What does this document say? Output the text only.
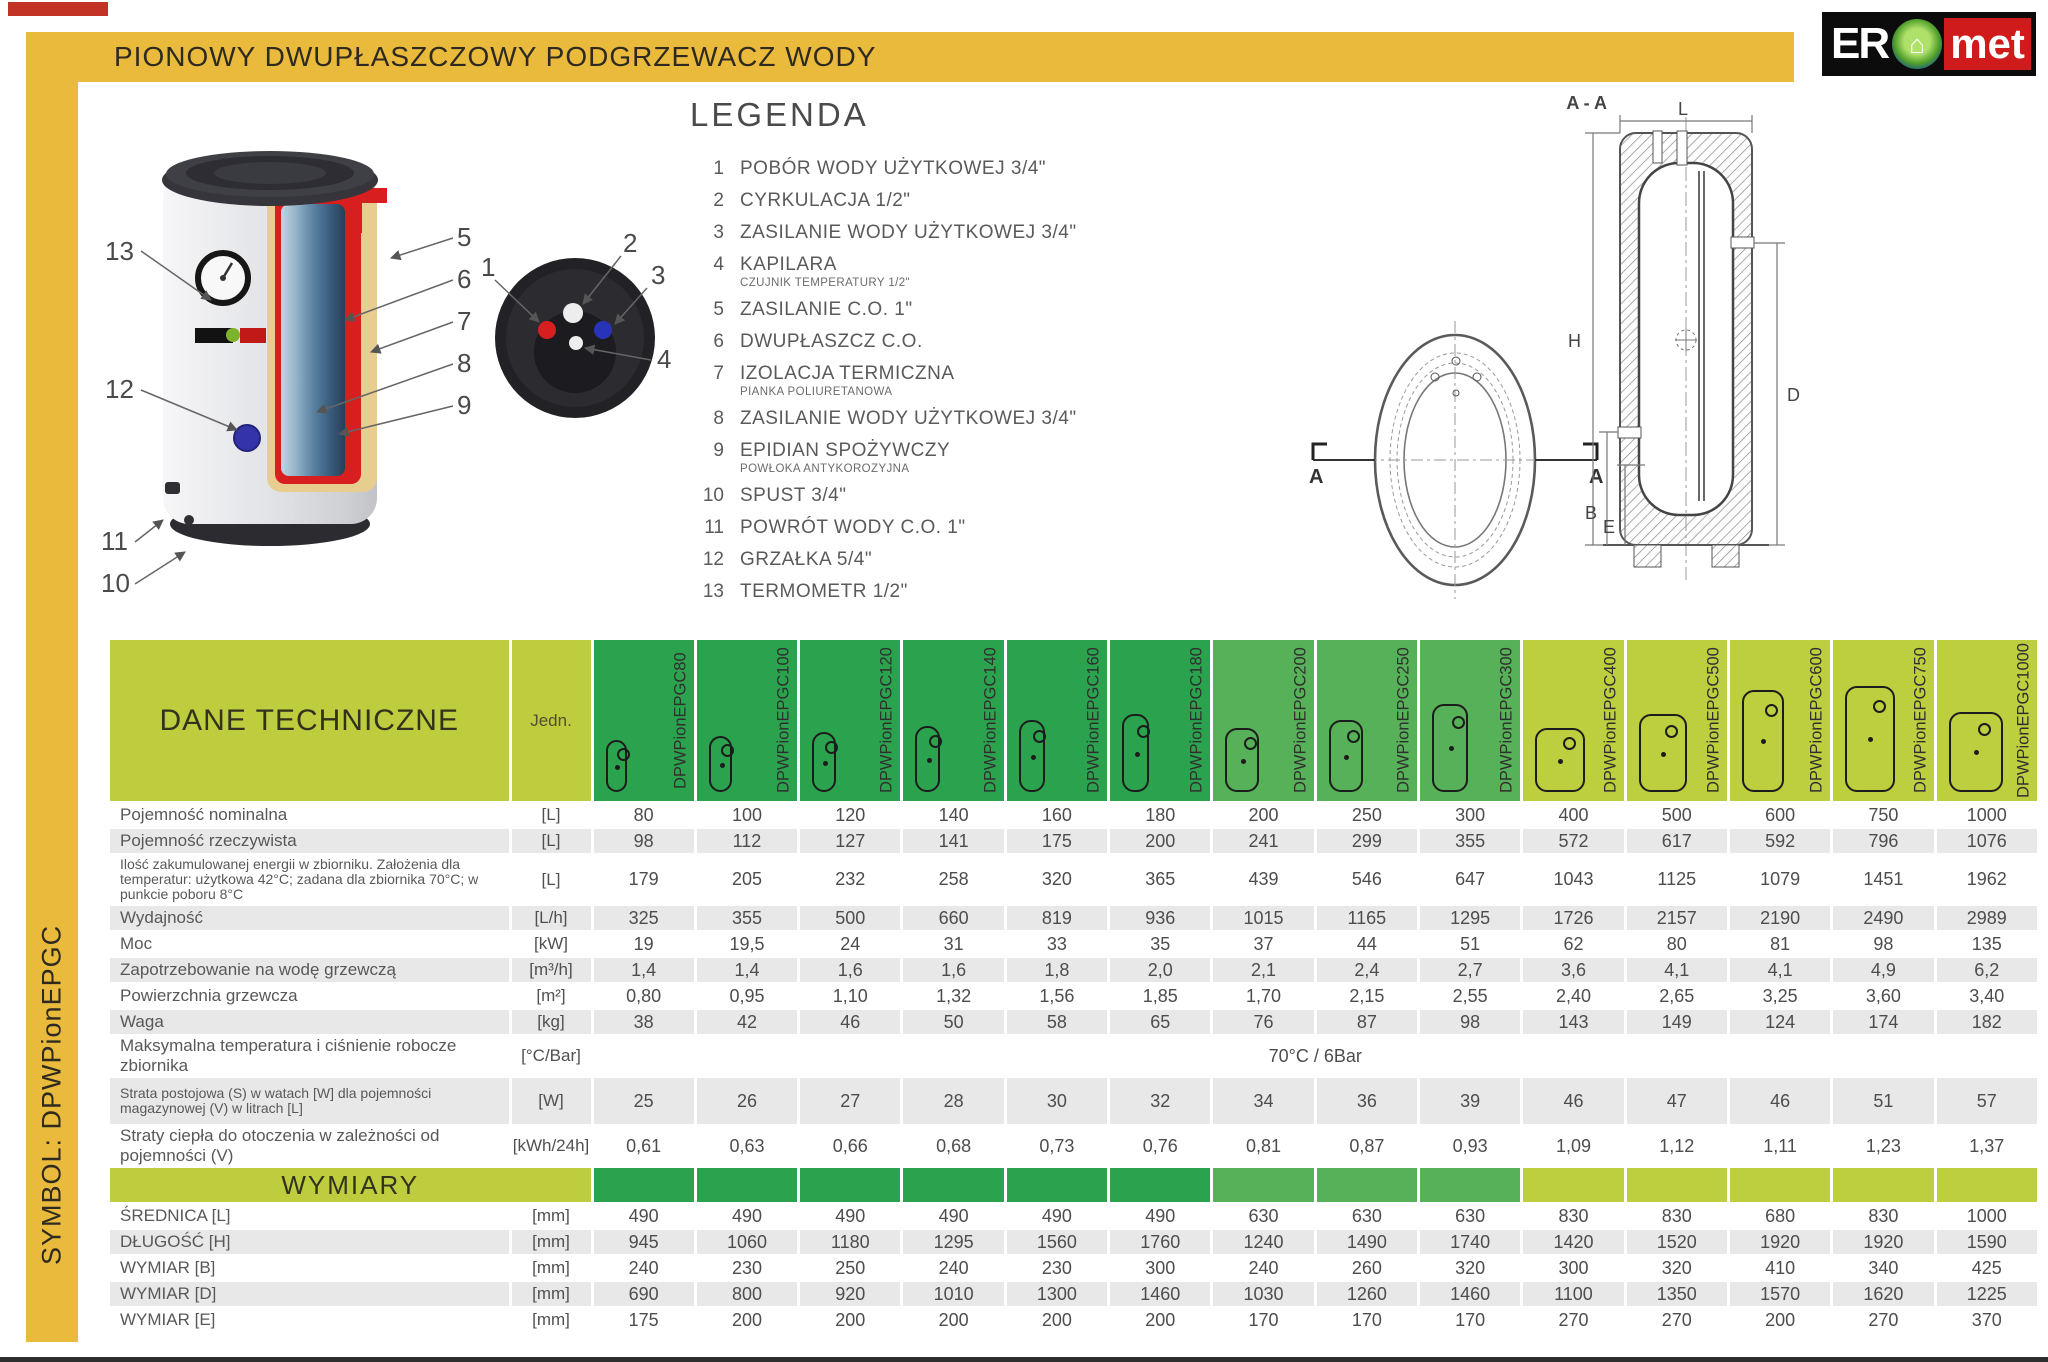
PIONOWY DWUPŁASZCZOWY PODGRZEWACZ WODY
SYMBOL: DPWPionEPGC
ER ⌂ met
13
12
11
10
5
6
7
8
9
1
2
3
4
LEGENDA
1 POBÓR WODY UŻYTKOWEJ 3/4"
2 CYRKULACJA 1/2"
3 ZASILANIE WODY UŻYTKOWEJ 3/4"
4 KAPILARA
CZUJNIK TEMPERATURY 1/2"
5 ZASILANIE C.O. 1"
6 DWUPŁASZCZ C.O.
7 IZOLACJA TERMICZNA
PIANKA POLIURETANOWA
8 ZASILANIE WODY UŻYTKOWEJ 3/4"
9 EPIDIAN SPOŻYWCZY
POWŁOKA ANTYKOROZYJNA
10 SPUST 3/4"
11 POWRÓT WODY C.O. 1"
12 GRZAŁKA 5/4"
13 TERMOMETR 1/2"
A	A
A - A	L
H
D
B
E
DANE TECHNICZNE	Jedn.	DPWPionEPGC80	DPWPionEPGC100	DPWPionEPGC120	DPWPionEPGC140	DPWPionEPGC160	DPWPionEPGC180	DPWPionEPGC200	DPWPionEPGC250	DPWPionEPGC300	DPWPionEPGC400	DPWPionEPGC500	DPWPionEPGC600	DPWPionEPGC750	DPWPionEPGC1000

Pojemność nominalna	[L]	80	100	120	140	160	180	200	250	300	400	500	600	750	1000
Pojemność rzeczywista	[L]	98	112	127	141	175	200	241	299	355	572	617	592	796	1076
Ilość zakumulowanej energii w zbiorniku. Założenia dla temperatur: użytkowa 42°C; zadana dla zbiornika 70°C; w punkcie poboru 8°C	[L]	179	205	232	258	320	365	439	546	647	1043	1125	1079	1451	1962
Wydajność	[L/h]	325	355	500	660	819	936	1015	1165	1295	1726	2157	2190	2490	2989
Moc	[kW]	19	19,5	24	31	33	35	37	44	51	62	80	81	98	135
Zapotrzebowanie na wodę grzewczą	[m³/h]	1,4	1,4	1,6	1,6	1,8	2,0	2,1	2,4	2,7	3,6	4,1	4,1	4,9	6,2
Powierzchnia grzewcza	[m²]	0,80	0,95	1,10	1,32	1,56	1,85	1,70	2,15	2,55	2,40	2,65	3,25	3,60	3,40
Waga	[kg]	38	42	46	50	58	65	76	87	98	143	149	124	174	182
Maksymalna temperatura i ciśnienie robocze zbiornika	[°C/Bar]	70°C / 6Bar													
Strata postojowa (S) w watach [W] dla pojemności magazynowej (V) w litrach [L]	[W]	25	26	27	28	30	32	34	36	39	46	47	46	51	57
Straty ciepła do otoczenia w zależności od pojemności (V)	[kWh/24h]	0,61	0,63	0,66	0,68	0,73	0,76	0,81	0,87	0,93	1,09	1,12	1,11	1,23	1,37
WYMIARY															
ŚREDNICA [L]	[mm]	490	490	490	490	490	490	630	630	630	830	830	680	830	1000
DŁUGOŚĆ [H]	[mm]	945	1060	1180	1295	1560	1760	1240	1490	1740	1420	1520	1920	1920	1590
WYMIAR [B]	[mm]	240	230	250	240	230	300	240	260	320	300	320	410	340	425
WYMIAR [D]	[mm]	690	800	920	1010	1300	1460	1030	1260	1460	1100	1350	1570	1620	1225
WYMIAR [E]	[mm]	175	200	200	200	200	200	170	170	170	270	270	200	270	370
